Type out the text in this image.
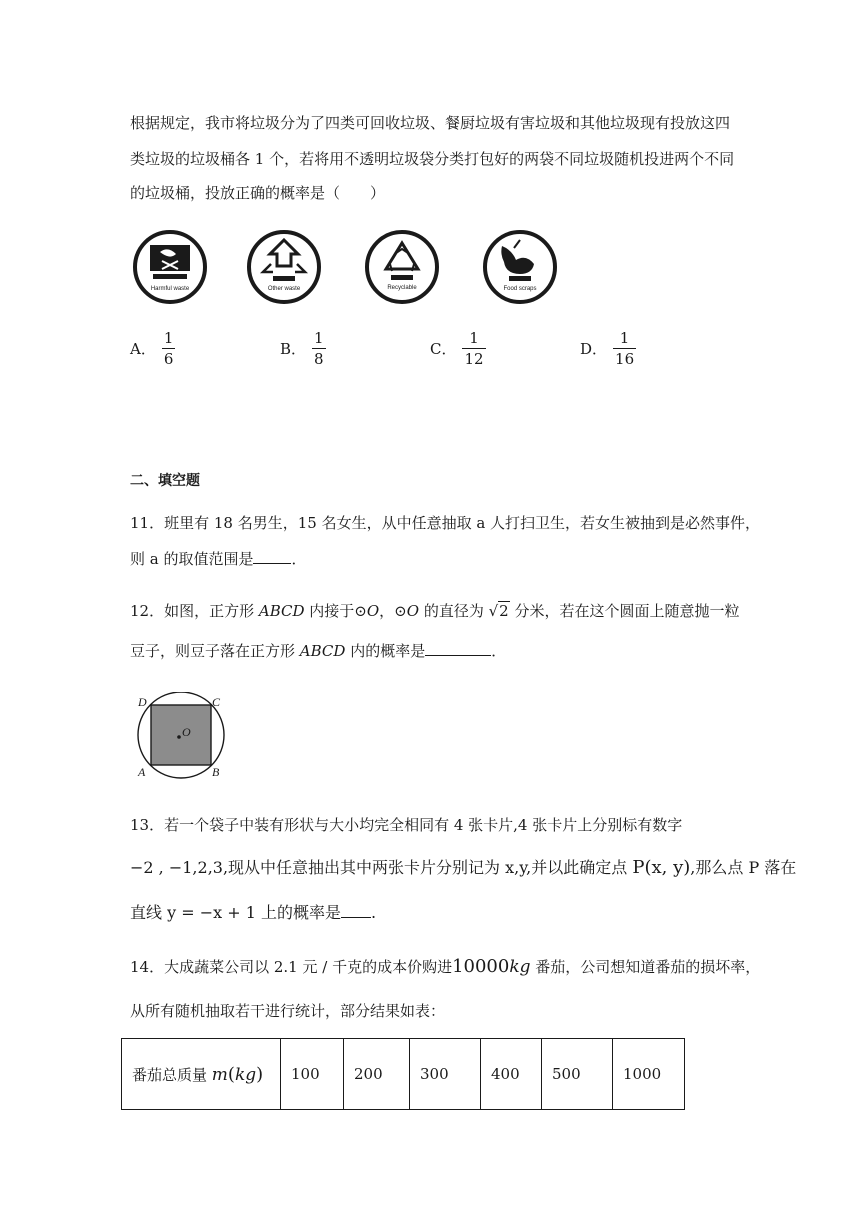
根据规定，我市将垃圾分为了四类可回收垃圾、餐厨垃圾有害垃圾和其他垃圾现有投放这四
类垃圾的垃圾桶各 1 个，若将用不透明垃圾袋分类打包好的两袋不同垃圾随机投进两个不同
的垃圾桶，投放正确的概率是（　　）
Harmful waste	Other waste	Recyclable	Food scraps
A． $\frac{1}{6}$	B． $\frac{1}{8}$	C． $\frac{1}{12}$	D． $\frac{1}{16}$
二、填空题
11．班里有 18 名男生，15 名女生，从中任意抽取 a 人打扫卫生，若女生被抽到是必然事件，
则 a 的取值范围是	．
12．如图，正方形 ABCD 内接于⊙O，⊙O 的直径为 √2 分米，若在这个圆面上随意抛一粒
豆子，则豆子落在正方形 ABCD 内的概率是	．
D	C
A	B
O
13．若一个袋子中装有形状与大小均完全相同有 4 张卡片,4 张卡片上分别标有数字
−2 , −1,2,3,现从中任意抽出其中两张卡片分别记为 x,y,并以此确定点 P(x, y),那么点 P 落在
直线 y = −x + 1 上的概率是 .
14．大成蔬菜公司以 2.1 元 / 千克的成本价购进10000kg 番茄，公司想知道番茄的损坏率，
从所有随机抽取若干进行统计，部分结果如表：
番茄总质量 m(kg)	100	200	300	400	500	1000
